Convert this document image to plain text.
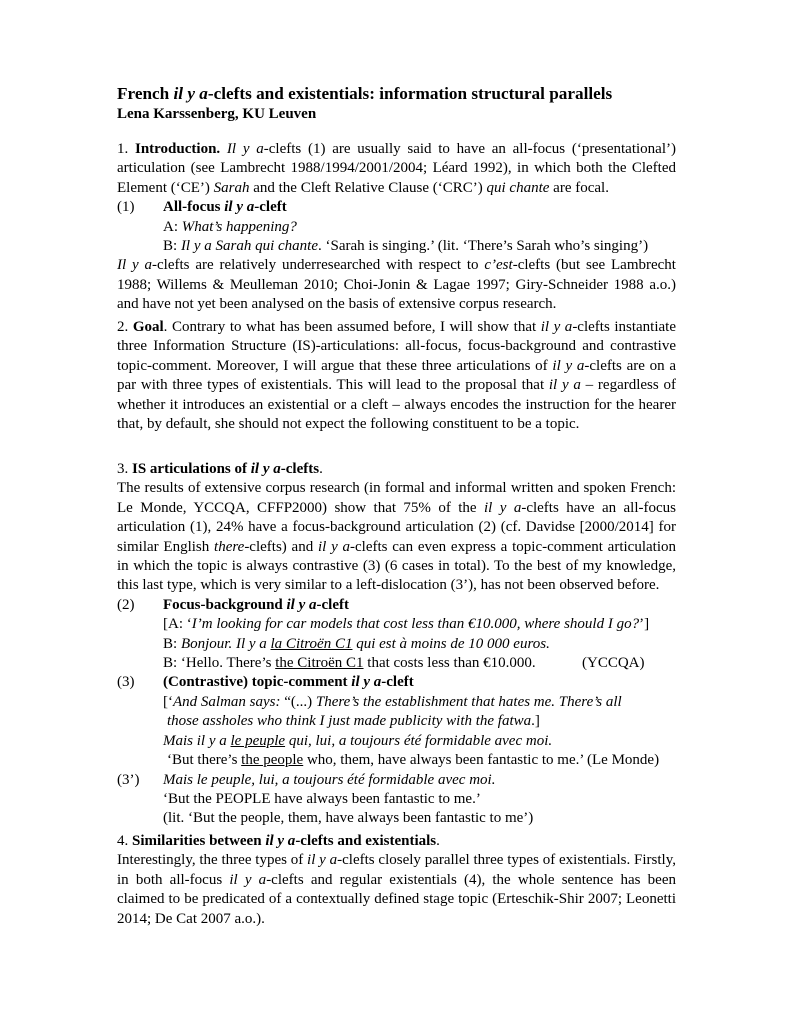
French il y a-clefts and existentials: information structural parallels
Lena Karssenberg, KU Leuven

1. Introduction. Il y a-clefts (1) are usually said to have an all-focus (‘presentational’) articulation (see Lambrecht 1988/1994/2001/2004; Léard 1992), in which both the Clefted Element (‘CE’) Sarah and the Cleft Relative Clause (‘CRC’) qui chante are focal.

(1) All-focus il y a-cleft
A: What’s happening?
B: Il y a Sarah qui chante. ‘Sarah is singing.’ (lit. ‘There’s Sarah who’s singing’)

Il y a-clefts are relatively underresearched with respect to c’est-clefts (but see Lambrecht 1988; Willems & Meulleman 2010; Choi-Jonin & Lagae 1997; Giry-Schneider 1988 a.o.) and have not yet been analysed on the basis of extensive corpus research.

2. Goal. Contrary to what has been assumed before, I will show that il y a-clefts instantiate three Information Structure (IS)-articulations: all-focus, focus-background and contrastive topic-comment. Moreover, I will argue that these three articulations of il y a-clefts are on a par with three types of existentials. This will lead to the proposal that il y a – regardless of whether it introduces an existential or a cleft – always encodes the instruction for the hearer that, by default, she should not expect the following constituent to be a topic.

3. IS articulations of il y a-clefts.

The results of extensive corpus research (in formal and informal written and spoken French: Le Monde, YCCQA, CFFP2000) show that 75% of the il y a-clefts have an all-focus articulation (1), 24% have a focus-background articulation (2) (cf. Davidse [2000/2014] for similar English there-clefts) and il y a-clefts can even express a topic-comment articulation in which the topic is always contrastive (3) (6 cases in total). To the best of my knowledge, this last type, which is very similar to a left-dislocation (3’), has not been observed before.

(2) Focus-background il y a-cleft
[A: ‘I’m looking for car models that cost less than €10.000, where should I go?’]
B: Bonjour. Il y a la Citroën C1 qui est à moins de 10 000 euros.
B: ‘Hello. There’s the Citroën C1 that costs less than €10.000.	(YCCQA)
(3) (Contrastive) topic-comment il y a-cleft
[‘And Salman says: “(...) There’s the establishment that hates me. There’s all
those assholes who think I just made publicity with the fatwa.]
Mais il y a le peuple qui, lui, a toujours été formidable avec moi.
‘But there’s the people who, them, have always been fantastic to me.’ (Le Monde)
(3’) Mais le peuple, lui, a toujours été formidable avec moi.
‘But the PEOPLE have always been fantastic to me.’
(lit. ‘But the people, them, have always been fantastic to me’)
4. Similarities between il y a-clefts and existentials.

Interestingly, the three types of il y a-clefts closely parallel three types of existentials. Firstly, in both all-focus il y a-clefts and regular existentials (4), the whole sentence has been claimed to be predicated of a contextually defined stage topic (Erteschik-Shir 2007; Leonetti 2014; De Cat 2007 a.o.).
